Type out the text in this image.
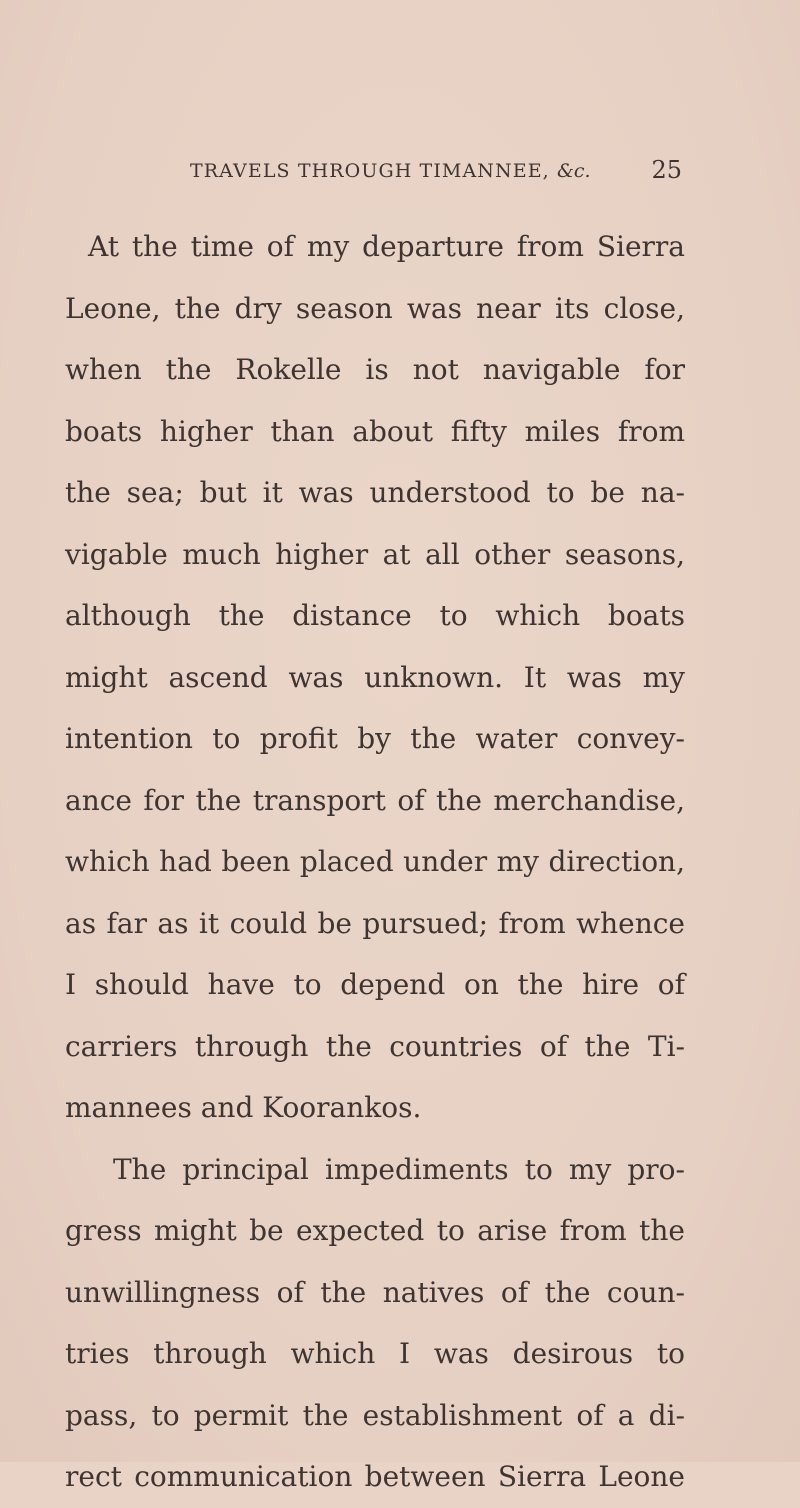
TRAVELS THROUGH TIMANNEE, &c.	25
At the time of my departure from Sierra
Leone, the dry season was near its close,
when the Rokelle is not navigable for
boats higher than about fifty miles from
the sea; but it was understood to be na-
vigable much higher at all other seasons,
although the distance to which boats
might ascend was unknown. It was my
intention to profit by the water convey-
ance for the transport of the merchandise,
which had been placed under my direction,
as far as it could be pursued; from whence
I should have to depend on the hire of
carriers through the countries of the Ti-
mannees and Koorankos.
The principal impediments to my pro-
gress might be expected to arise from the
unwillingness of the natives of the coun-
tries through which I was desirous to
pass, to permit the establishment of a di-
rect communication between Sierra Leone
